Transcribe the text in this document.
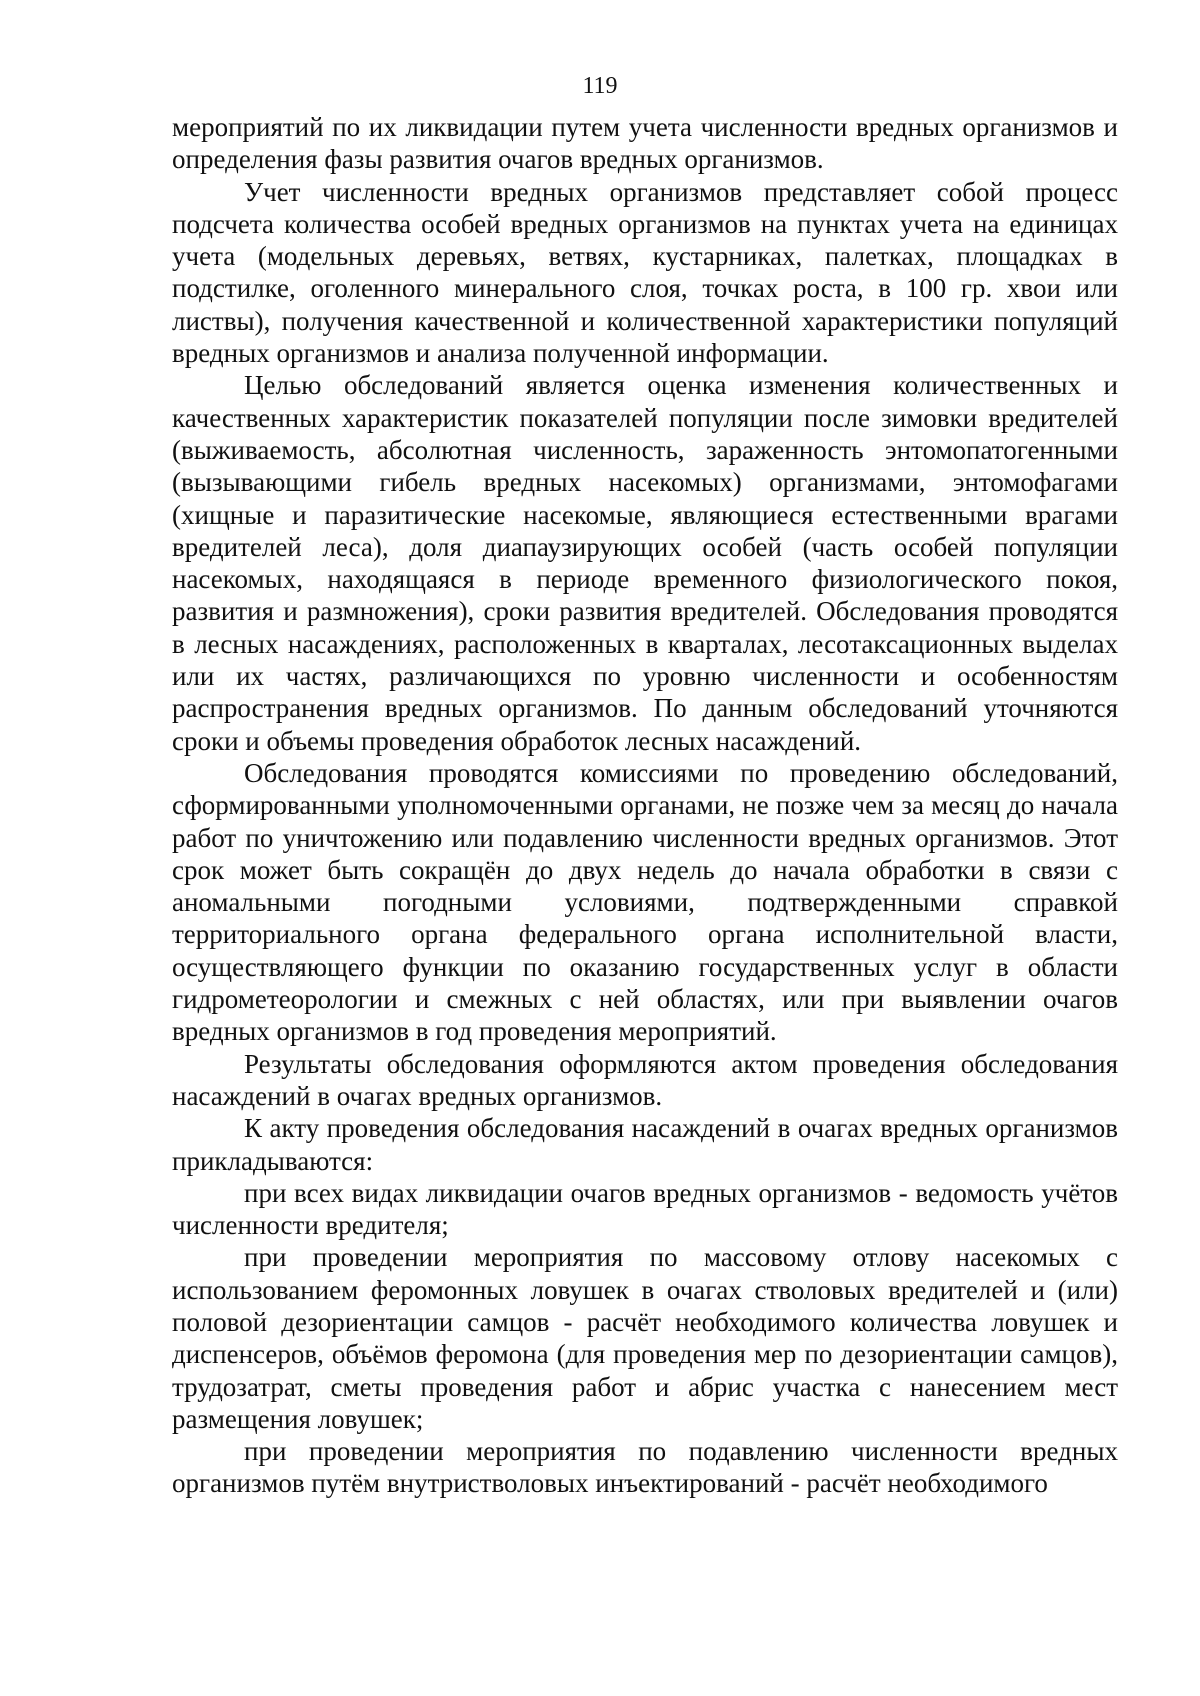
119

мероприятий по их ликвидации путем учета численности вредных организмов и определения фазы развития очагов вредных организмов.

Учет численности вредных организмов представляет собой процесс подсчета количества особей вредных организмов на пунктах учета на единицах учета (модельных деревьях, ветвях, кустарниках, палетках, площадках в подстилке, оголенного минерального слоя, точках роста, в 100 гр. хвои или листвы), получения качественной и количественной характеристики популяций вредных организмов и анализа полученной информации.

Целью обследований является оценка изменения количественных и качественных характеристик показателей популяции после зимовки вредителей (выживаемость, абсолютная численность, зараженность энтомопатогенными (вызывающими гибель вредных насекомых) организмами, энтомофагами (хищные и паразитические насекомые, являющиеся естественными врагами вредителей леса), доля диапаузирующих особей (часть особей популяции насекомых, находящаяся в периоде временного физиологического покоя, развития и размножения), сроки развития вредителей. Обследования проводятся в лесных насаждениях, расположенных в кварталах, лесотаксационных выделах или их частях, различающихся по уровню численности и особенностям распространения вредных организмов. По данным обследований уточняются сроки и объемы проведения обработок лесных насаждений.

Обследования проводятся комиссиями по проведению обследований, сформированными уполномоченными органами, не позже чем за месяц до начала работ по уничтожению или подавлению численности вредных организмов. Этот срок может быть сокращён до двух недель до начала обработки в связи с аномальными погодными условиями, подтвержденными справкой территориального органа федерального органа исполнительной власти, осуществляющего функции по оказанию государственных услуг в области гидрометеорологии и смежных с ней областях, или при выявлении очагов вредных организмов в год проведения мероприятий.

Результаты обследования оформляются актом проведения обследования насаждений в очагах вредных организмов.

К акту проведения обследования насаждений в очагах вредных организмов прикладываются:

при всех видах ликвидации очагов вредных организмов - ведомость учётов численности вредителя;

при проведении мероприятия по массовому отлову насекомых с использованием феромонных ловушек в очагах стволовых вредителей и (или) половой дезориентации самцов - расчёт необходимого количества ловушек и диспенсеров, объёмов феромона (для проведения мер по дезориентации самцов), трудозатрат, сметы проведения работ и абрис участка с нанесением мест размещения ловушек;

при проведении мероприятия по подавлению численности вредных организмов путём внутристволовых инъектирований - расчёт необходимого
